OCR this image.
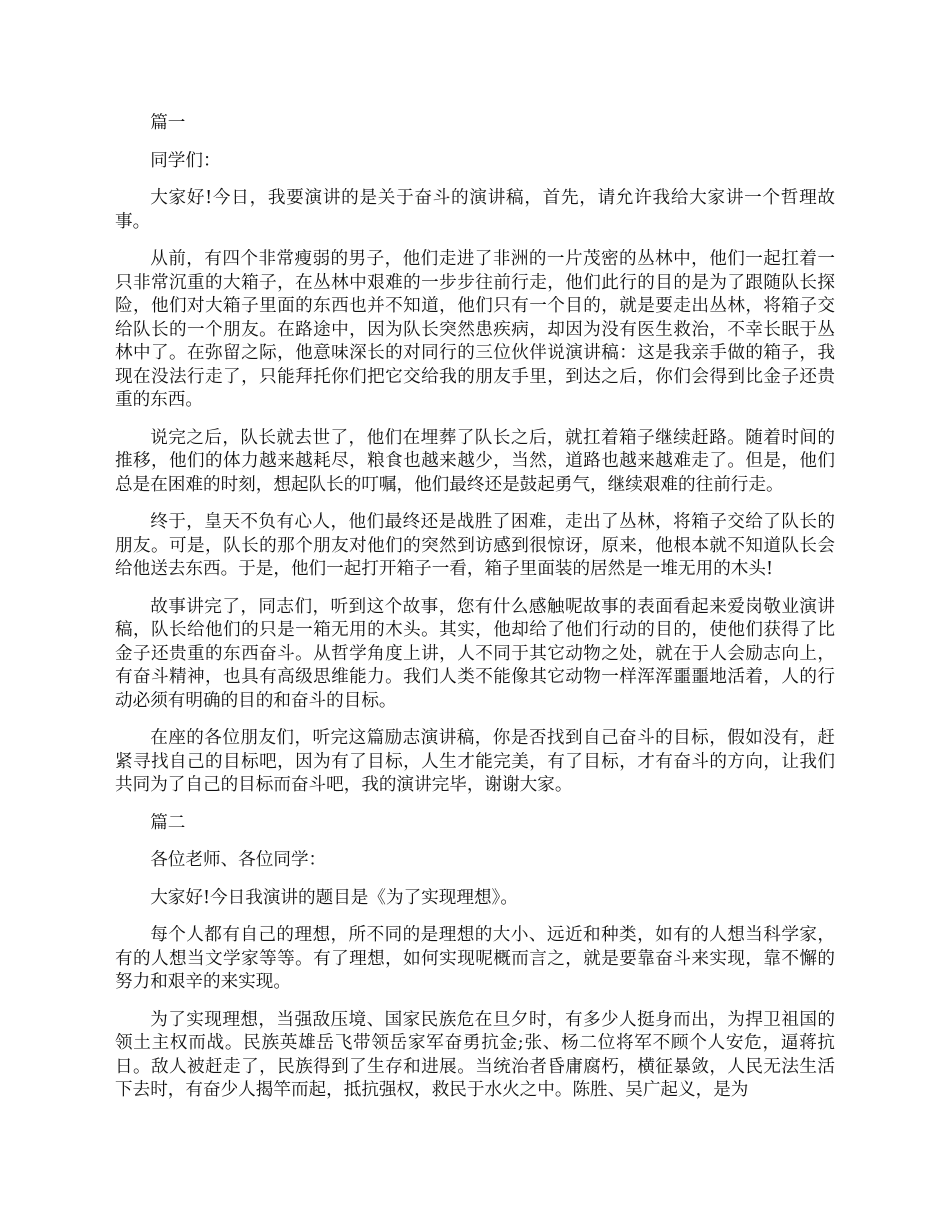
篇一

同学们：

大家好!今日，我要演讲的是关于奋斗的演讲稿，首先，请允许我给大家讲一个哲理故事。

从前，有四个非常瘦弱的男子，他们走进了非洲的一片茂密的丛林中，他们一起扛着一只非常沉重的大箱子，在丛林中艰难的一步步往前行走，他们此行的目的是为了跟随队长探险，他们对大箱子里面的东西也并不知道，他们只有一个目的，就是要走出丛林，将箱子交给队长的一个朋友。在路途中，因为队长突然患疾病，却因为没有医生救治，不幸长眠于丛林中了。在弥留之际，他意味深长的对同行的三位伙伴说演讲稿：这是我亲手做的箱子，我现在没法行走了，只能拜托你们把它交给我的朋友手里，到达之后，你们会得到比金子还贵重的东西。

说完之后，队长就去世了，他们在埋葬了队长之后，就扛着箱子继续赶路。随着时间的推移，他们的体力越来越耗尽，粮食也越来越少，当然，道路也越来越难走了。但是，他们总是在困难的时刻，想起队长的叮嘱，他们最终还是鼓起勇气，继续艰难的往前行走。

终于，皇天不负有心人，他们最终还是战胜了困难，走出了丛林，将箱子交给了队长的朋友。可是，队长的那个朋友对他们的突然到访感到很惊讶，原来，他根本就不知道队长会给他送去东西。于是，他们一起打开箱子一看，箱子里面装的居然是一堆无用的木头!

故事讲完了，同志们，听到这个故事，您有什么感触呢故事的表面看起来爱岗敬业演讲稿，队长给他们的只是一箱无用的木头。其实，他却给了他们行动的目的，使他们获得了比金子还贵重的东西奋斗。从哲学角度上讲，人不同于其它动物之处，就在于人会励志向上，有奋斗精神，也具有高级思维能力。我们人类不能像其它动物一样浑浑噩噩地活着，人的行动必须有明确的目的和奋斗的目标。

在座的各位朋友们，听完这篇励志演讲稿，你是否找到自己奋斗的目标，假如没有，赶紧寻找自己的目标吧，因为有了目标，人生才能完美，有了目标，才有奋斗的方向，让我们共同为了自己的目标而奋斗吧，我的演讲完毕，谢谢大家。

篇二

各位老师、各位同学：

大家好!今日我演讲的题目是《为了实现理想》。

每个人都有自己的理想，所不同的是理想的大小、远近和种类，如有的人想当科学家，有的人想当文学家等等。有了理想，如何实现呢概而言之，就是要靠奋斗来实现，靠不懈的努力和艰辛的来实现。

为了实现理想，当强敌压境、国家民族危在旦夕时，有多少人挺身而出，为捍卫祖国的领土主权而战。民族英雄岳飞带领岳家军奋勇抗金;张、杨二位将军不顾个人安危，逼蒋抗日。敌人被赶走了，民族得到了生存和进展。当统治者昏庸腐朽，横征暴敛，人民无法生活下去时，有奋少人揭竿而起，抵抗强权，救民于水火之中。陈胜、吴广起义，是为
